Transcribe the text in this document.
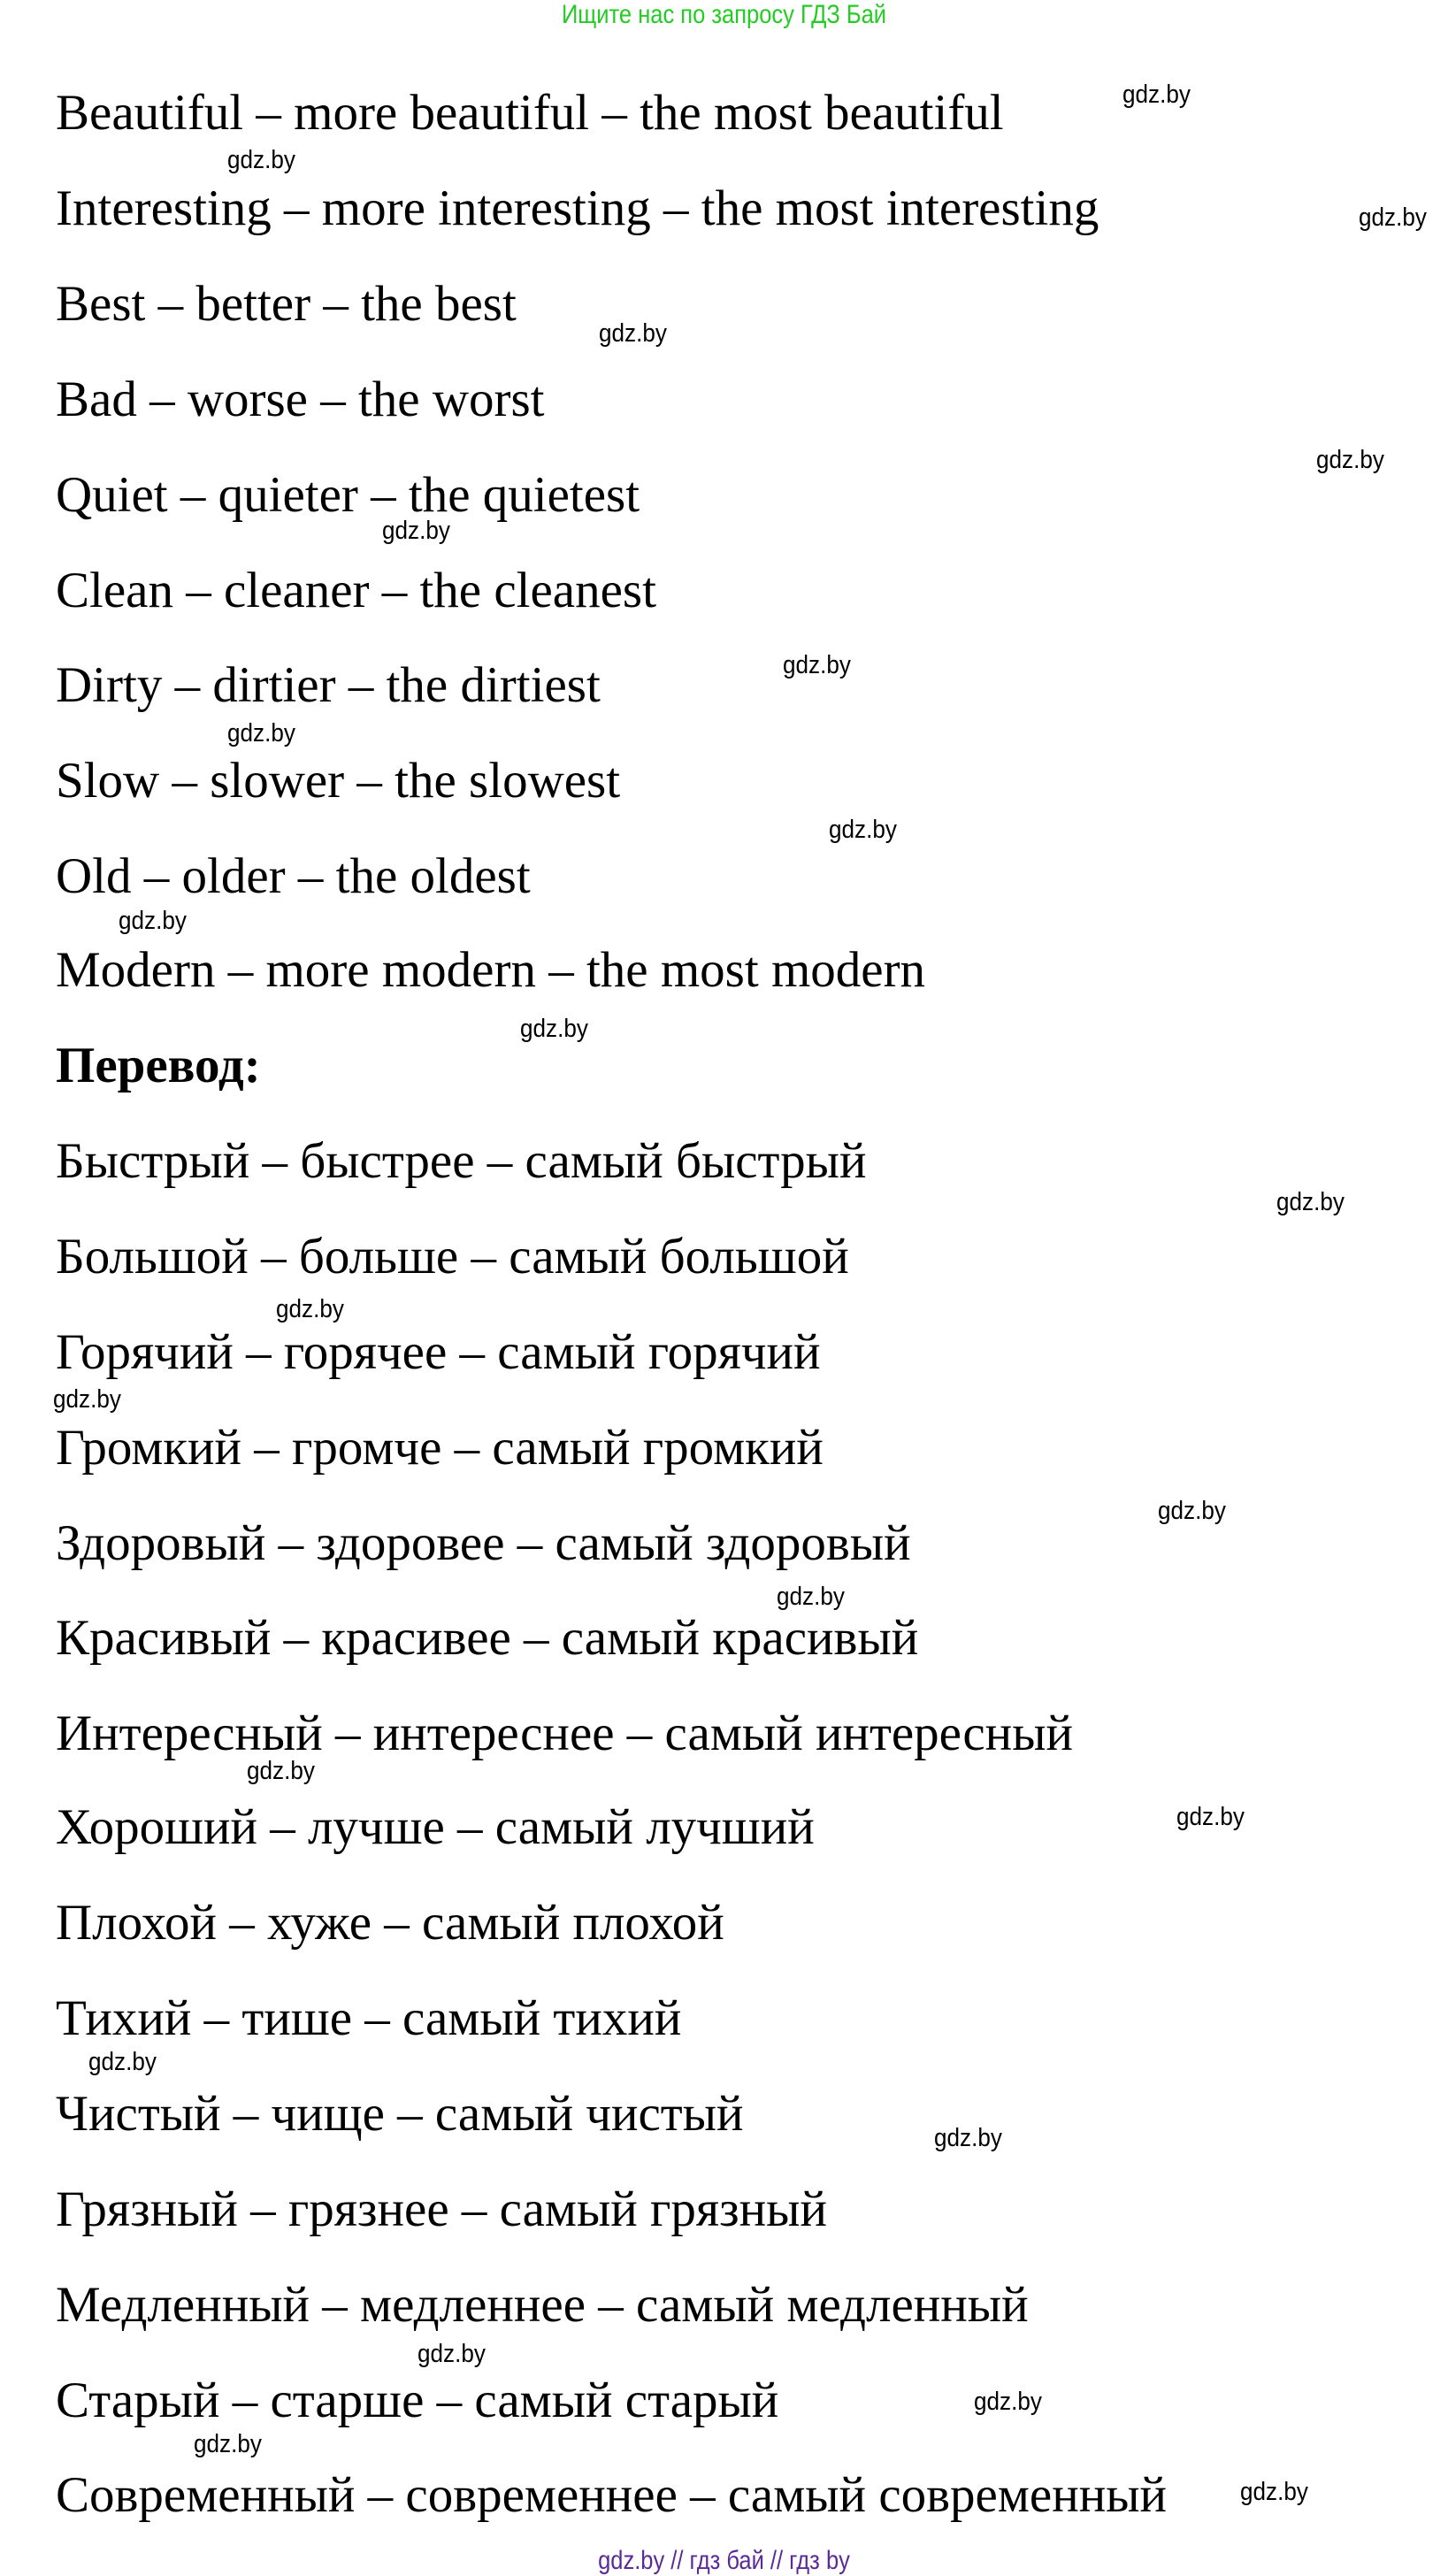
Ищите нас по запросу ГДЗ Бай
Beautiful – more beautiful – the most beautiful
Interesting – more interesting – the most interesting
Best – better – the best
Bad – worse – the worst
Quiet – quieter – the quietest
Clean – cleaner – the cleanest
Dirty – dirtier – the dirtiest
Slow – slower – the slowest
Old – older – the oldest
Modern – more modern – the most modern
Перевод:
Быстрый – быстрее – самый быстрый
Большой – больше – самый большой
Горячий – горячее – самый горячий
Громкий – громче – самый громкий
Здоровый – здоровее – самый здоровый
Красивый – красивее – самый красивый
Интересный – интереснее – самый интересный
Хороший – лучше – самый лучший
Плохой – хуже – самый плохой
Тихий – тише – самый тихий
Чистый – чище – самый чистый
Грязный – грязнее – самый грязный
Медленный – медленнее – самый медленный
Старый – старше – самый старый
Современный – современнее – самый современный
gdz.by
gdz.by
gdz.by
gdz.by
gdz.by
gdz.by
gdz.by
gdz.by
gdz.by
gdz.by
gdz.by
gdz.by
gdz.by
gdz.by
gdz.by
gdz.by
gdz.by
gdz.by
gdz.by
gdz.by
gdz.by
gdz.by
gdz.by
gdz.by
gdz.by // гдз бай // гдз by
